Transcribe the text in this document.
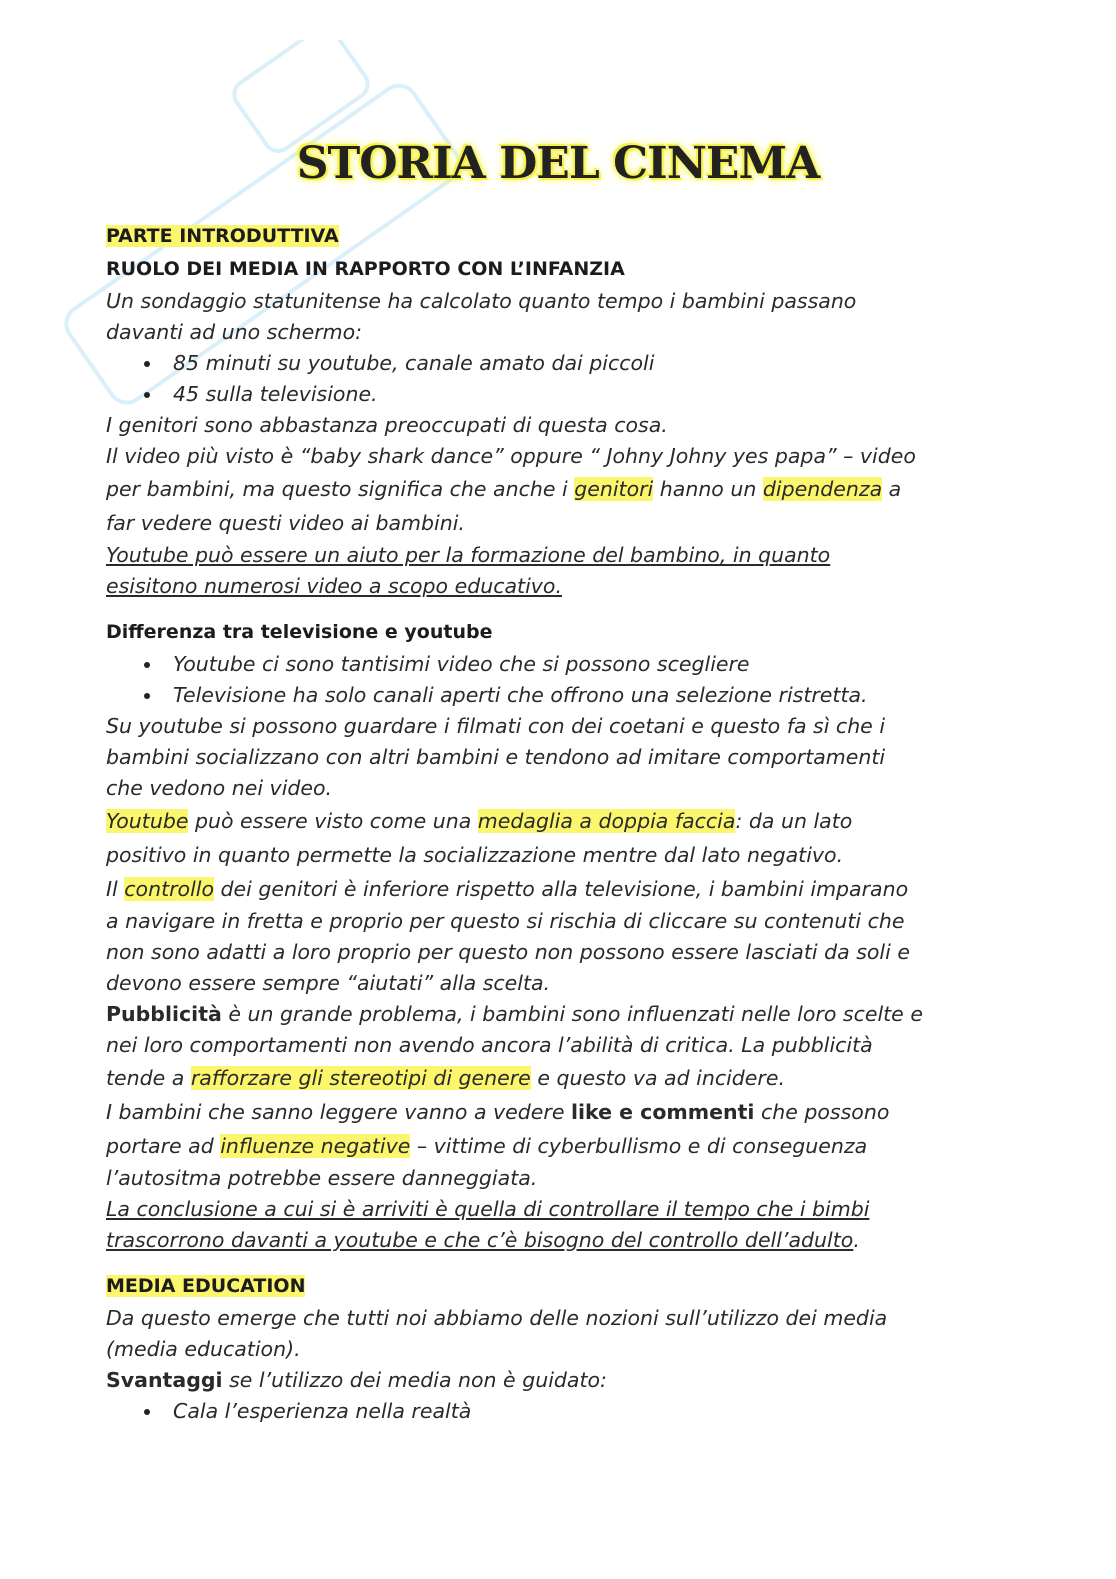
STORIA DEL CINEMA
PARTE INTRODUTTIVA
RUOLO DEI MEDIA IN RAPPORTO CON L’INFANZIA
Un sondaggio statunitense ha calcolato quanto tempo i bambini passano
davanti ad uno schermo:
85 minuti su youtube, canale amato dai piccoli
45 sulla televisione.
I genitori sono abbastanza preoccupati di questa cosa.
Il video più visto è “baby shark dance” oppure “ Johny Johny yes papa” – video
per bambini, ma questo significa che anche i genitori hanno un dipendenza a
far vedere questi video ai bambini.
Youtube può essere un aiuto per la formazione del bambino, in quanto
esisitono numerosi video a scopo educativo.
Differenza tra televisione e youtube
Youtube ci sono tantisimi video che si possono scegliere
Televisione ha solo canali aperti che offrono una selezione ristretta.
Su youtube si possono guardare i filmati con dei coetani e questo fa sì che i
bambini socializzano con altri bambini e tendono ad imitare comportamenti
che vedono nei video.
Youtube può essere visto come una medaglia a doppia faccia: da un lato
positivo in quanto permette la socializzazione mentre dal lato negativo.
Il controllo dei genitori è inferiore rispetto alla televisione, i bambini imparano
a navigare in fretta e proprio per questo si rischia di cliccare su contenuti che
non sono adatti a loro proprio per questo non possono essere lasciati da soli e
devono essere sempre “aiutati” alla scelta.
Pubblicità è un grande problema, i bambini sono influenzati nelle loro scelte e
nei loro comportamenti non avendo ancora l’abilità di critica. La pubblicità
tende a rafforzare gli stereotipi di genere e questo va ad incidere.
I bambini che sanno leggere vanno a vedere like e commenti che possono
portare ad influenze negative – vittime di cyberbullismo e di conseguenza
l’autositma potrebbe essere danneggiata.
La conclusione a cui si è arriviti è quella di controllare il tempo che i bimbi
trascorrono davanti a youtube e che c’è bisogno del controllo dell’adulto.
MEDIA EDUCATION
Da questo emerge che tutti noi abbiamo delle nozioni sull’utilizzo dei media
(media education).
Svantaggi se l’utilizzo dei media non è guidato:
Cala l’esperienza nella realtà
